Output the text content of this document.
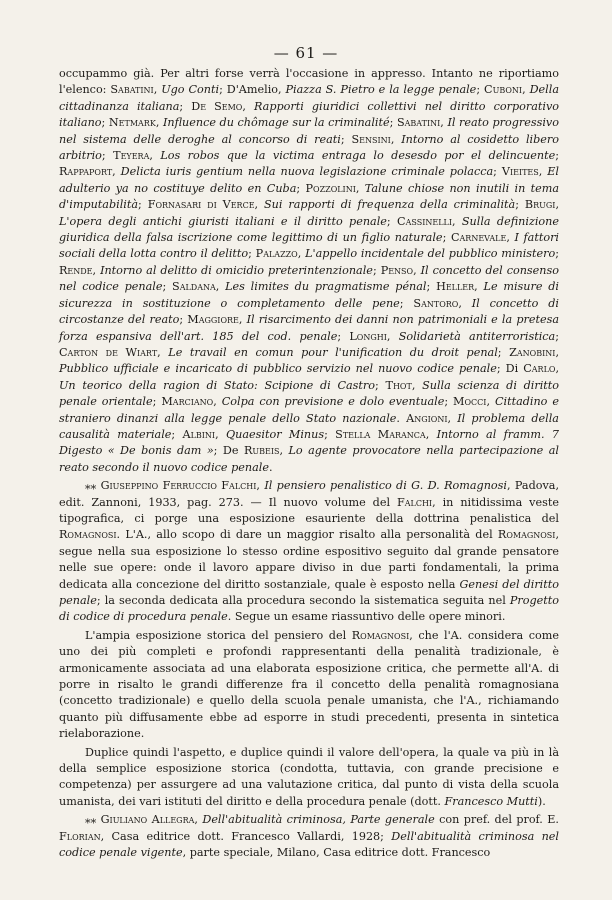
— 61 —

occupammo già. Per altri forse verrà l'occasione in appresso. Intanto ne riportiamo l'elenco: Sabatini, Ugo Conti; D'Amelio, Piazza S. Pietro e la legge penale; Cuboni, Della cittadinanza italiana; De Semo, Rapporti giuridici collettivi nel diritto corporativo italiano; Netmark, Influence du chômage sur la criminalité; Sabatini, Il reato progressivo nel sistema delle deroghe al concorso di reati; Sensini, Intorno al cosidetto libero arbitrio; Teyera, Los robos que la victima entraga lo desesdo por el delincuente; Rappaport, Delicta iuris gentium nella nuova legislazione criminale polacca; Vieites, El adulterio ya no costituye delito en Cuba; Pozzolini, Talune chiose non inutili in tema d'imputabilità; Fornasari di Verce, Sui rapporti di frequenza della criminalità; Brugi, L'opera degli antichi giuristi italiani e il diritto penale; Cassinelli, Sulla definizione giuridica della falsa iscrizione come legittimo di un figlio naturale; Carnevale, I fattori sociali della lotta contro il delitto; Palazzo, L'appello incidentale del pubblico ministero; Rende, Intorno al delitto di omicidio preterintenzionale; Penso, Il concetto del consenso nel codice penale; Saldana, Les limites du pragmatisme pénal; Heller, Le misure di sicurezza in sostituzione o completamento delle pene; Santoro, Il concetto di circostanze del reato; Maggiore, Il risarcimento dei danni non patrimoniali e la pretesa forza espansiva dell'art. 185 del cod. penale; Longhi, Solidarietà antiterroristica; Carton de Wiart, Le travail en comun pour l'unification du droit penal; Zanobini, Pubblico ufficiale e incaricato di pubblico servizio nel nuovo codice penale; Di Carlo, Un teorico della ragion di Stato: Scipione di Castro; Thot, Sulla scienza di diritto penale orientale; Marciano, Colpa con previsione e dolo eventuale; Mocci, Cittadino e straniero dinanzi alla legge penale dello Stato nazionale. Angioni, Il problema della causalità materiale; Albini, Quaesitor Minus; Stella Maranca, Intorno al framm. 7 Digesto « De bonis dam »; De Rubeis, Lo agente provocatore nella partecipazione al reato secondo il nuovo codice penale.

⁎⁎ Giuseppino Ferruccio Falchi, Il pensiero penalistico di G. D. Romagnosi, Padova, edit. Zannoni, 1933, pag. 273. — Il nuovo volume del Falchi, in nitidissima veste tipografica, ci porge una esposizione esauriente della dottrina penalistica del Romagnosi. L'A., allo scopo di dare un maggior risalto alla personalità del Romagnosi, segue nella sua esposizione lo stesso ordine espositivo seguito dal grande pensatore nelle sue opere: onde il lavoro appare diviso in due parti fondamentali, la prima dedicata alla concezione del diritto sostanziale, quale è esposto nella Genesi del diritto penale; la seconda dedicata alla procedura secondo la sistematica seguita nel Progetto di codice di procedura penale. Segue un esame riassuntivo delle opere minori.

L'ampia esposizione storica del pensiero del Romagnosi, che l'A. considera come uno dei più completi e profondi rappresentanti della penalità tradizionale, è armonicamente associata ad una elaborata esposizione critica, che permette all'A. di porre in risalto le grandi differenze fra il concetto della penalità romagnosiana (concetto tradizionale) e quello della scuola penale umanista, che l'A., richiamando quanto più diffusamente ebbe ad esporre in studi precedenti, presenta in sintetica rielaborazione.

Duplice quindi l'aspetto, e duplice quindi il valore dell'opera, la quale va più in là della semplice esposizione storica (condotta, tuttavia, con grande precisione e competenza) per assurgere ad una valutazione critica, dal punto di vista della scuola umanista, dei vari istituti del diritto e della procedura penale (dott. Francesco Mutti).

⁎⁎ Giuliano Allegra, Dell'abitualità criminosa, Parte generale con pref. del prof. E. Florian, Casa editrice dott. Francesco Vallardi, 1928; Dell'abitualità criminosa nel codice penale vigente, parte speciale, Milano, Casa editrice dott. Francesco
